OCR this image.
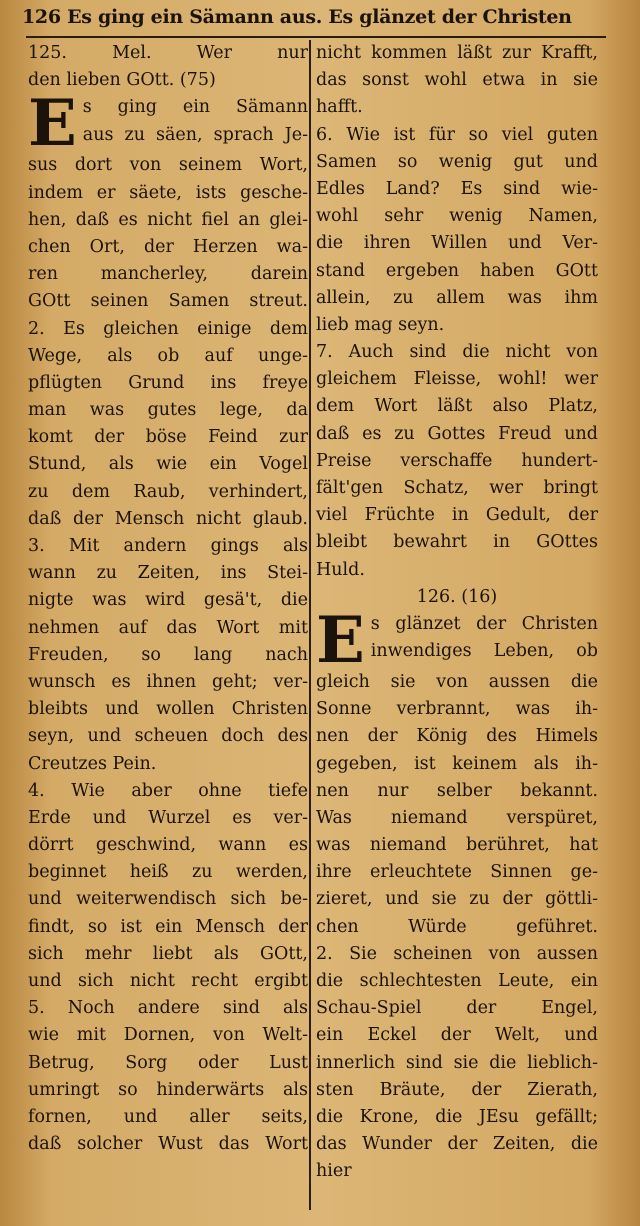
126 Es ging ein Sämann aus. Es glänzet der Christen
125. Mel. Wer nur
den lieben GOtt. (75)
E s ging ein Sämann
aus zu säen, sprach Je-
sus dort von seinem Wort,
indem er säete, ists gesche-
hen, daß es nicht fiel an glei-
chen Ort, der Herzen wa-
ren mancherley, darein
GOtt seinen Samen streut.
2. Es gleichen einige dem
Wege, als ob auf unge-
pflügten Grund ins freye
man was gutes lege, da
komt der böse Feind zur
Stund, als wie ein Vogel
zu dem Raub, verhindert,
daß der Mensch nicht glaub.
3. Mit andern gings als
wann zu Zeiten, ins Stei-
nigte was wird gesä't, die
nehmen auf das Wort mit
Freuden, so lang nach
wunsch es ihnen geht; ver-
bleibts und wollen Christen
seyn, und scheuen doch des
Creutzes Pein.
4. Wie aber ohne tiefe
Erde und Wurzel es ver-
dörrt geschwind, wann es
beginnet heiß zu werden,
und weiterwendisch sich be-
findt, so ist ein Mensch der
sich mehr liebt als GOtt,
und sich nicht recht ergibt
5. Noch andere sind als
wie mit Dornen, von Welt-
Betrug, Sorg oder Lust
umringt so hinderwärts als
fornen, und aller seits,
daß solcher Wust das Wort
nicht kommen läßt zur Krafft,
das sonst wohl etwa in sie
hafft.
6. Wie ist für so viel guten
Samen so wenig gut und
Edles Land? Es sind wie-
wohl sehr wenig Namen,
die ihren Willen und Ver-
stand ergeben haben GOtt
allein, zu allem was ihm
lieb mag seyn.
7. Auch sind die nicht von
gleichem Fleisse, wohl! wer
dem Wort läßt also Platz,
daß es zu Gottes Freud und
Preise verschaffe hundert-
fält'gen Schatz, wer bringt
viel Früchte in Gedult, der
bleibt bewahrt in GOttes
Huld.
126. (16)
E s glänzet der Christen
inwendiges Leben, ob
gleich sie von aussen die
Sonne verbrannt, was ih-
nen der König des Himels
gegeben, ist keinem als ih-
nen nur selber bekannt.
Was niemand verspüret,
was niemand berühret, hat
ihre erleuchtete Sinnen ge-
zieret, und sie zu der göttli-
chen Würde geführet.
2. Sie scheinen von aussen
die schlechtesten Leute, ein
Schau-Spiel der Engel,
ein Eckel der Welt, und
innerlich sind sie die lieblich-
sten Bräute, der Zierath,
die Krone, die JEsu gefällt;
das Wunder der Zeiten, die
hier
